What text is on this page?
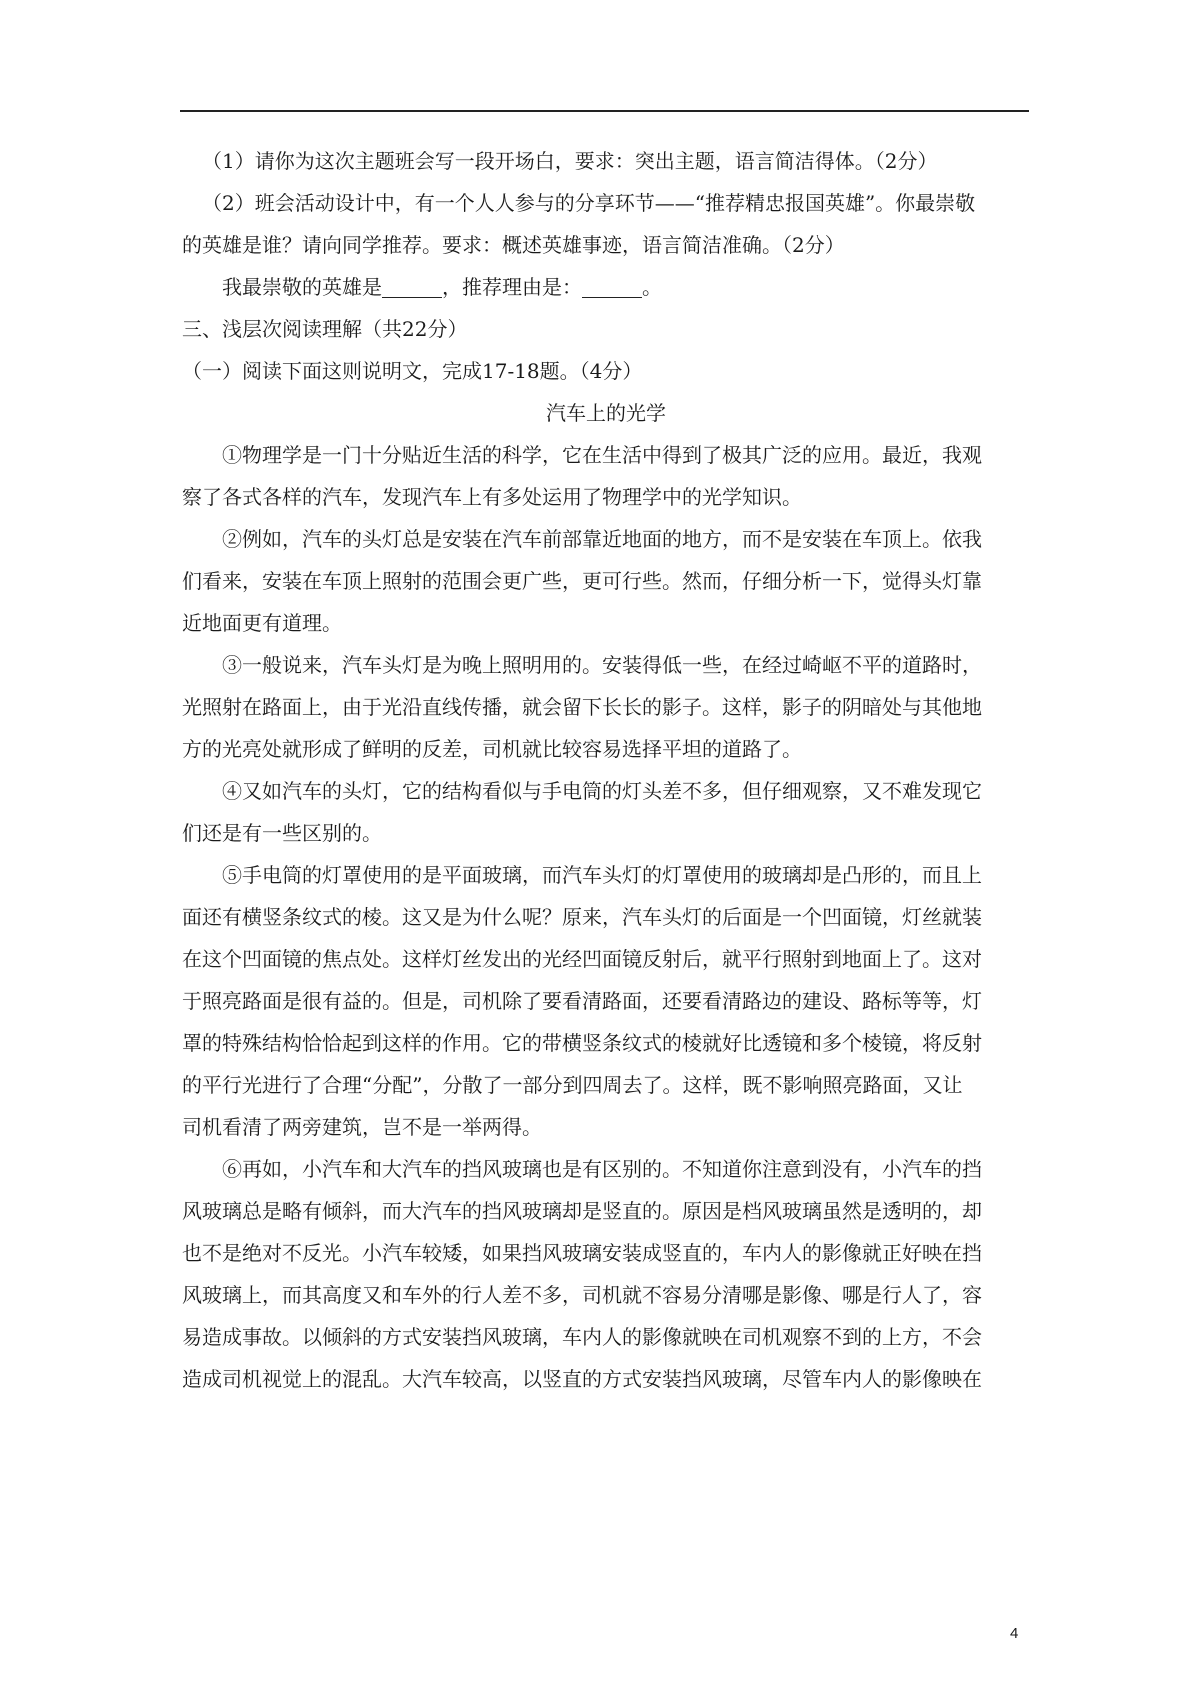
（1）请你为这次主题班会写一段开场白，要求：突出主题，语言简洁得体。（2分）
（2）班会活动设计中，有一个人人参与的分享环节——“推荐精忠报国英雄”。你最崇敬
的英雄是谁？请向同学推荐。要求：概述英雄事迹，语言简洁准确。（2分）
我最崇敬的英雄是	，推荐理由是：	。
三、浅层次阅读理解（共22分）
（一）阅读下面这则说明文，完成17-18题。（4分）
汽车上的光学
①物理学是一门十分贴近生活的科学，它在生活中得到了极其广泛的应用。最近，我观
察了各式各样的汽车，发现汽车上有多处运用了物理学中的光学知识。
②例如，汽车的头灯总是安装在汽车前部靠近地面的地方，而不是安装在车顶上。依我
们看来，安装在车顶上照射的范围会更广些，更可行些。然而，仔细分析一下，觉得头灯靠
近地面更有道理。
③一般说来，汽车头灯是为晚上照明用的。安装得低一些，在经过崎岖不平的道路时，
光照射在路面上，由于光沿直线传播，就会留下长长的影子。这样，影子的阴暗处与其他地
方的光亮处就形成了鲜明的反差，司机就比较容易选择平坦的道路了。
④又如汽车的头灯，它的结构看似与手电筒的灯头差不多，但仔细观察，又不难发现它
们还是有一些区别的。
⑤手电筒的灯罩使用的是平面玻璃，而汽车头灯的灯罩使用的玻璃却是凸形的，而且上
面还有横竖条纹式的棱。这又是为什么呢？原来，汽车头灯的后面是一个凹面镜，灯丝就装
在这个凹面镜的焦点处。这样灯丝发出的光经凹面镜反射后，就平行照射到地面上了。这对
于照亮路面是很有益的。但是，司机除了要看清路面，还要看清路边的建设、路标等等，灯
罩的特殊结构恰恰起到这样的作用。它的带横竖条纹式的棱就好比透镜和多个棱镜，将反射
的平行光进行了合理“分配”，分散了一部分到四周去了。这样，既不影响照亮路面，又让
司机看清了两旁建筑，岂不是一举两得。
⑥再如，小汽车和大汽车的挡风玻璃也是有区别的。不知道你注意到没有，小汽车的挡
风玻璃总是略有倾斜，而大汽车的挡风玻璃却是竖直的。原因是档风玻璃虽然是透明的，却
也不是绝对不反光。小汽车较矮，如果挡风玻璃安装成竖直的，车内人的影像就正好映在挡
风玻璃上，而其高度又和车外的行人差不多，司机就不容易分清哪是影像、哪是行人了，容
易造成事故。以倾斜的方式安装挡风玻璃，车内人的影像就映在司机观察不到的上方，不会
造成司机视觉上的混乱。大汽车较高，以竖直的方式安装挡风玻璃，尽管车内人的影像映在
4
